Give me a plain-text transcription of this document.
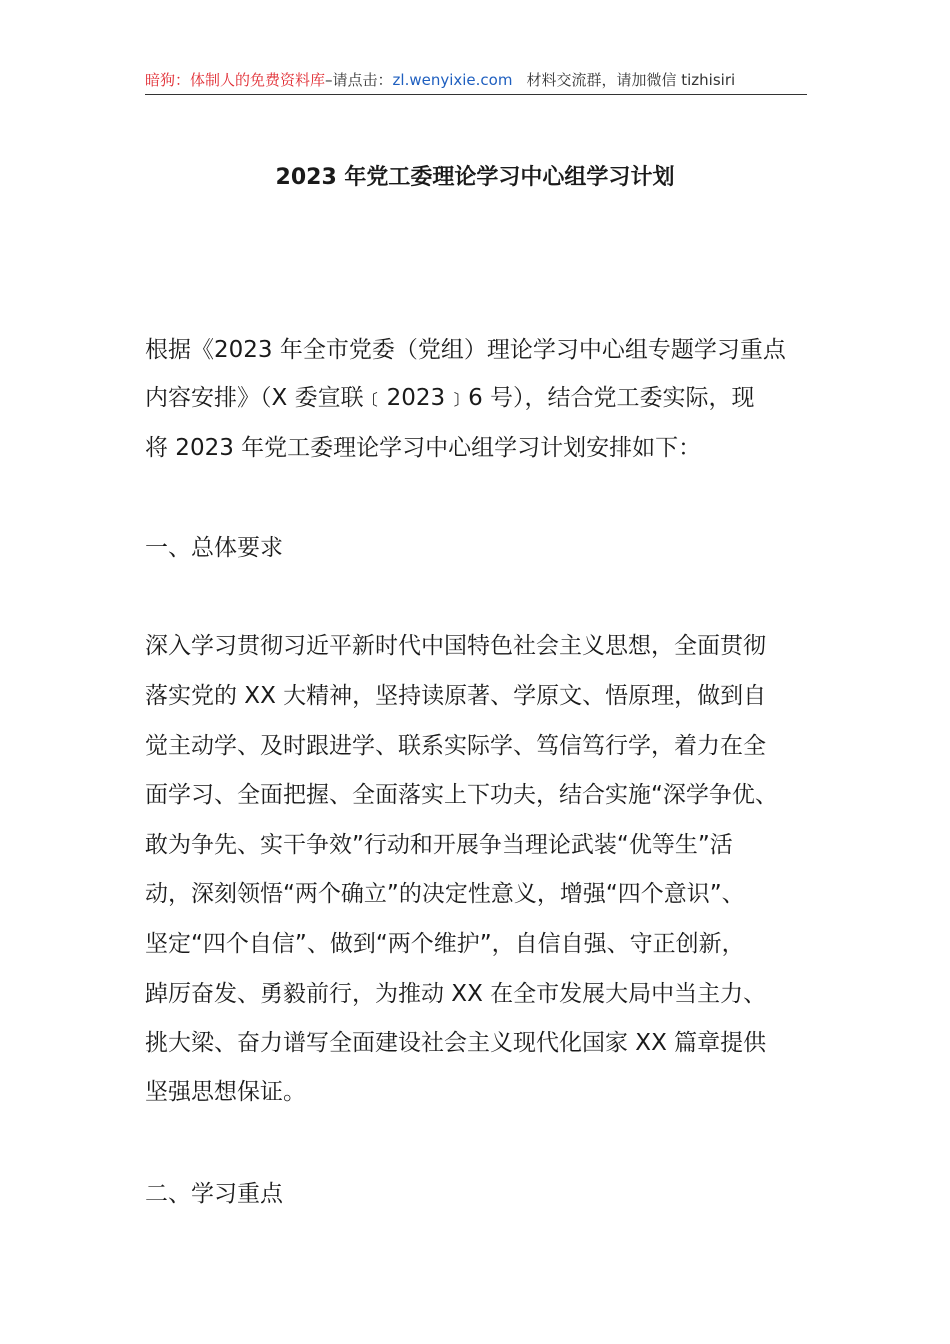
暗狗：体制人的免费资料库–请点击：zl.wenyixie.com 材料交流群，请加微信 tizhisiri
2023 年党工委理论学习中心组学习计划
根据《2023 年全市党委（党组）理论学习中心组专题学习重点
内容安排》（X 委宣联﹝2023﹞6 号），结合党工委实际，现
将 2023 年党工委理论学习中心组学习计划安排如下：
一、总体要求
深入学习贯彻习近平新时代中国特色社会主义思想，全面贯彻
落实党的 XX 大精神，坚持读原著、学原文、悟原理，做到自
觉主动学、及时跟进学、联系实际学、笃信笃行学，着力在全
面学习、全面把握、全面落实上下功夫，结合实施“深学争优、
敢为争先、实干争效”行动和开展争当理论武装“优等生”活
动，深刻领悟“两个确立”的决定性意义，增强“四个意识”、
坚定“四个自信”、做到“两个维护”，自信自强、守正创新，
踔厉奋发、勇毅前行，为推动 XX 在全市发展大局中当主力、
挑大梁、奋力谱写全面建设社会主义现代化国家 XX 篇章提供
坚强思想保证。
二、学习重点
